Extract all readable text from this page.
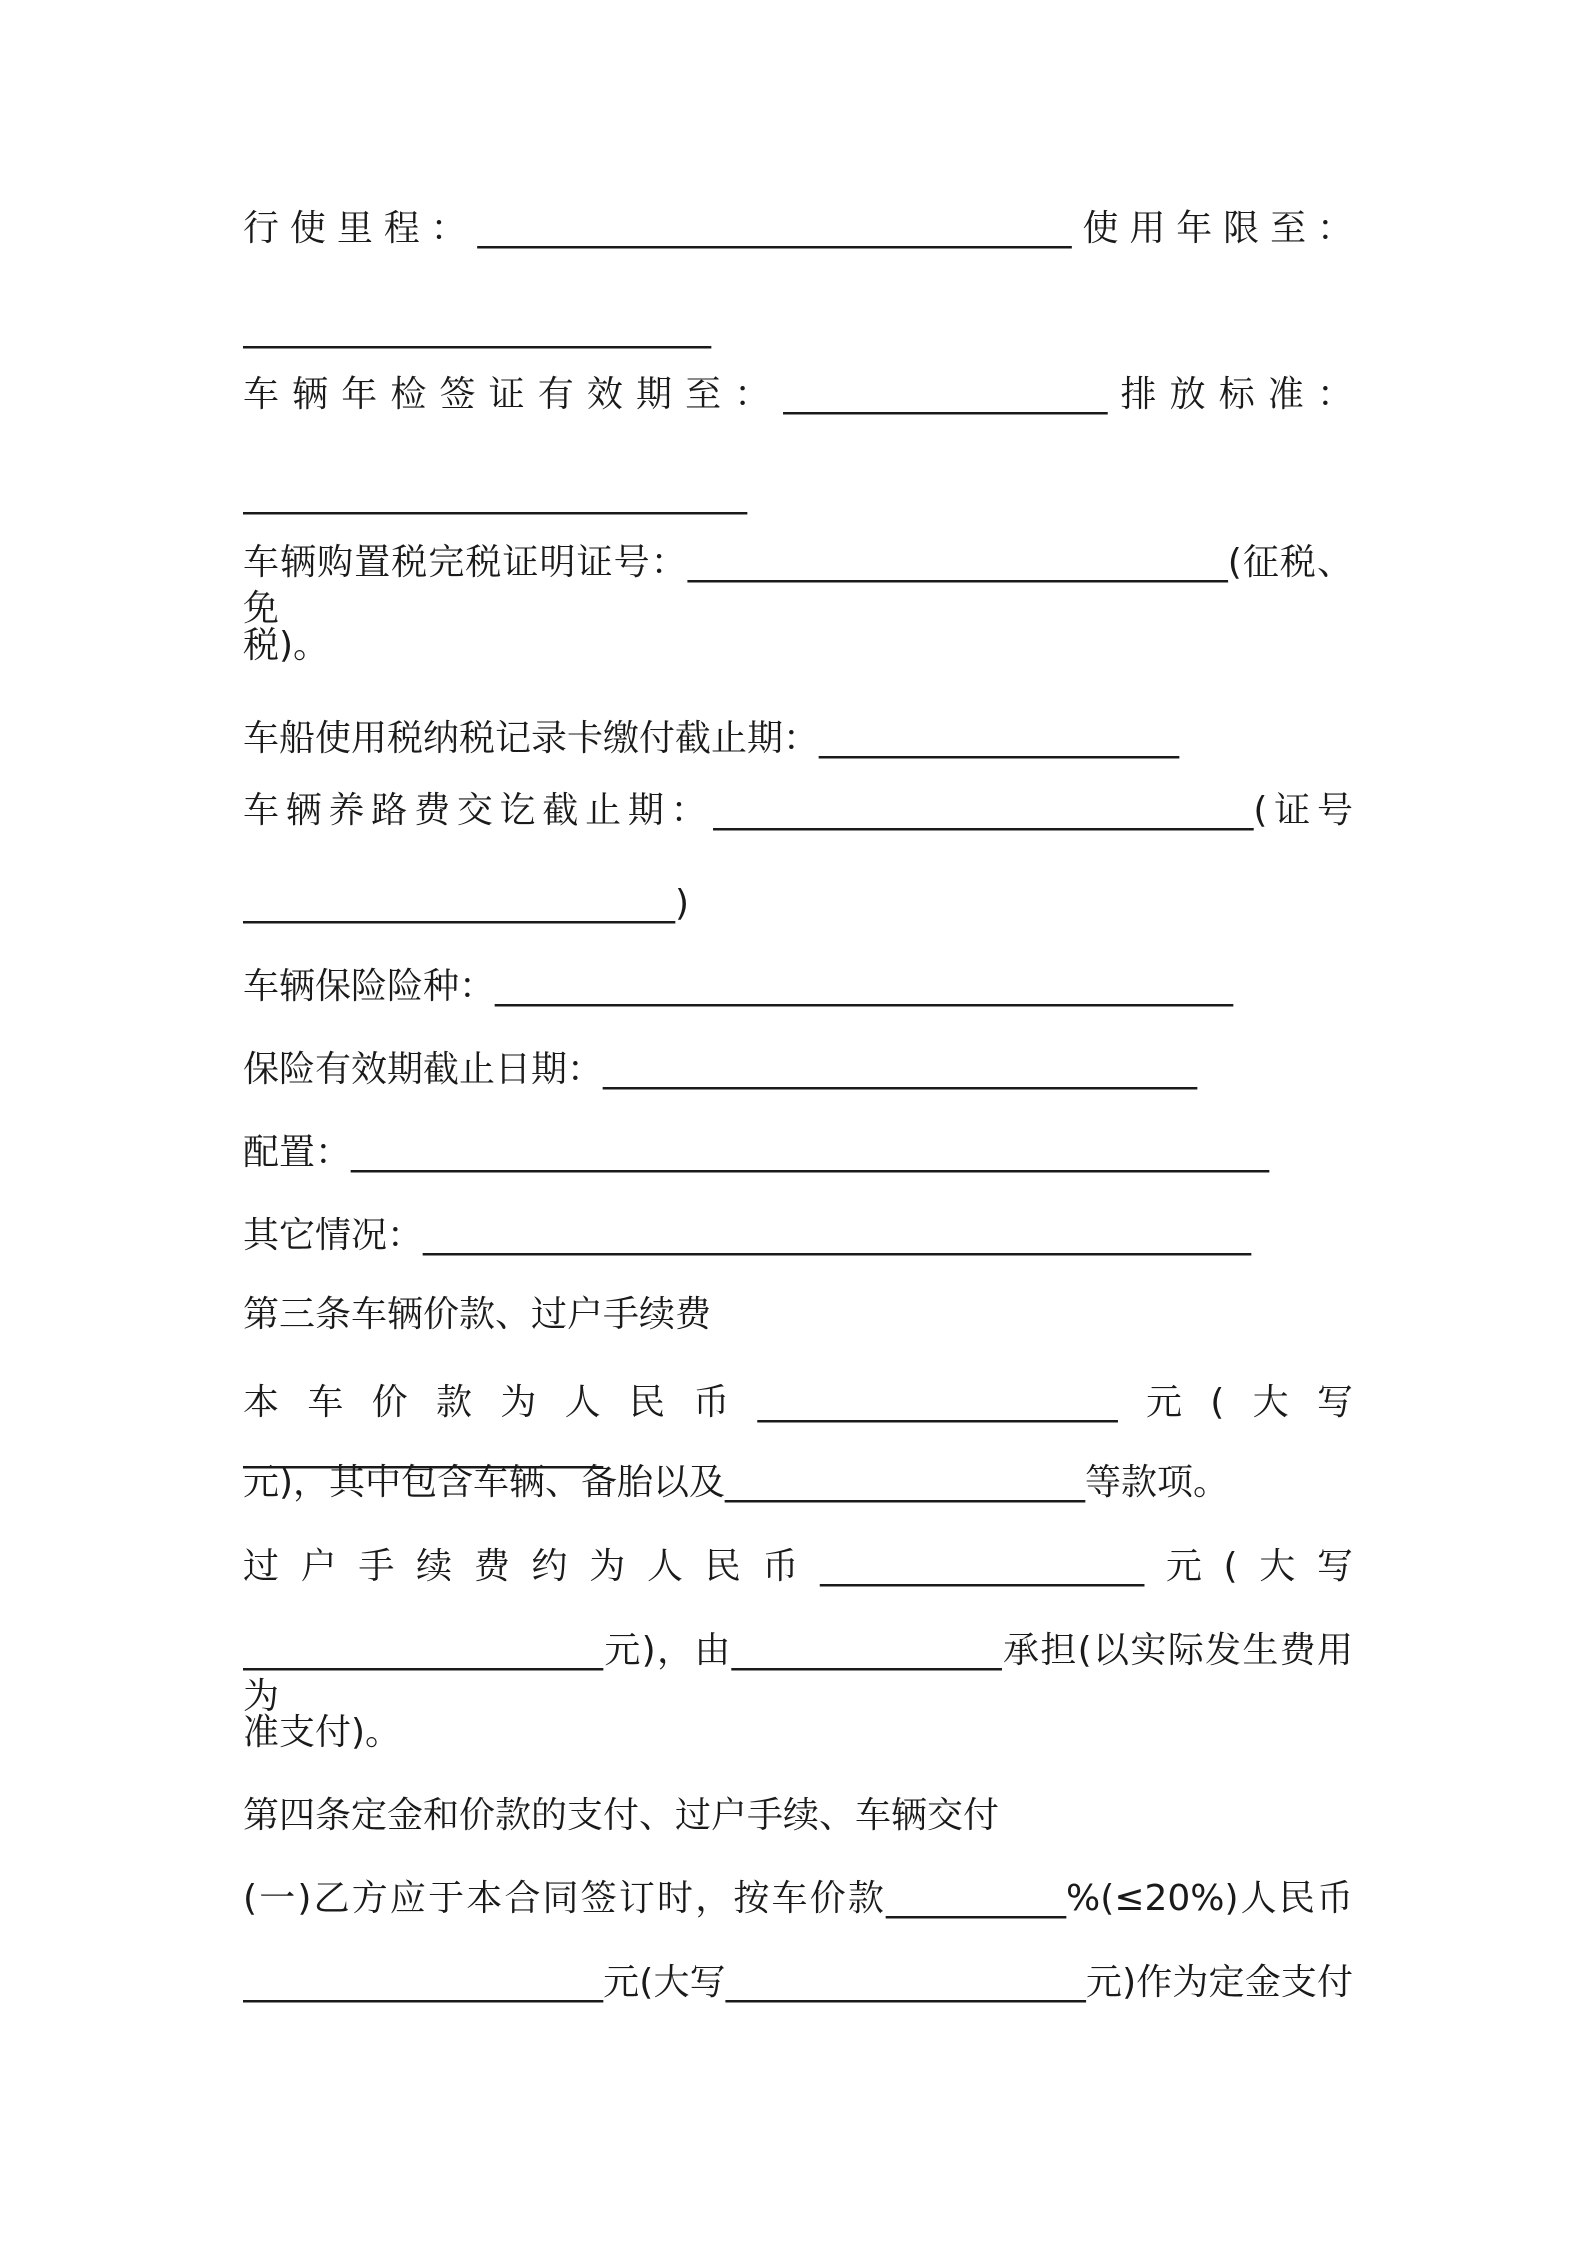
行使里程：_________________________________使用年限至：
__________________________
车辆年检签证有效期至：__________________排放标准：
____________________________
车辆购置税完税证明证号：______________________________(征税、免
税)。
车船使用税纳税记录卡缴付截止期：____________________
车辆养路费交讫截止期：______________________________(证号
________________________)
车辆保险险种：_________________________________________
保险有效期截止日期：_________________________________
配置：___________________________________________________
其它情况：______________________________________________
第三条车辆价款、过户手续费
本车价款为人民币____________________元(大写____________________
元)，其中包含车辆、备胎以及____________________等款项。
过户手续费约为人民币__________________元(大写
____________________元)，由_______________承担(以实际发生费用为
准支付)。
第四条定金和价款的支付、过户手续、车辆交付
(一)乙方应于本合同签订时，按车价款__________%(≤20%)人民币
____________________元(大写____________________元)作为定金支付
